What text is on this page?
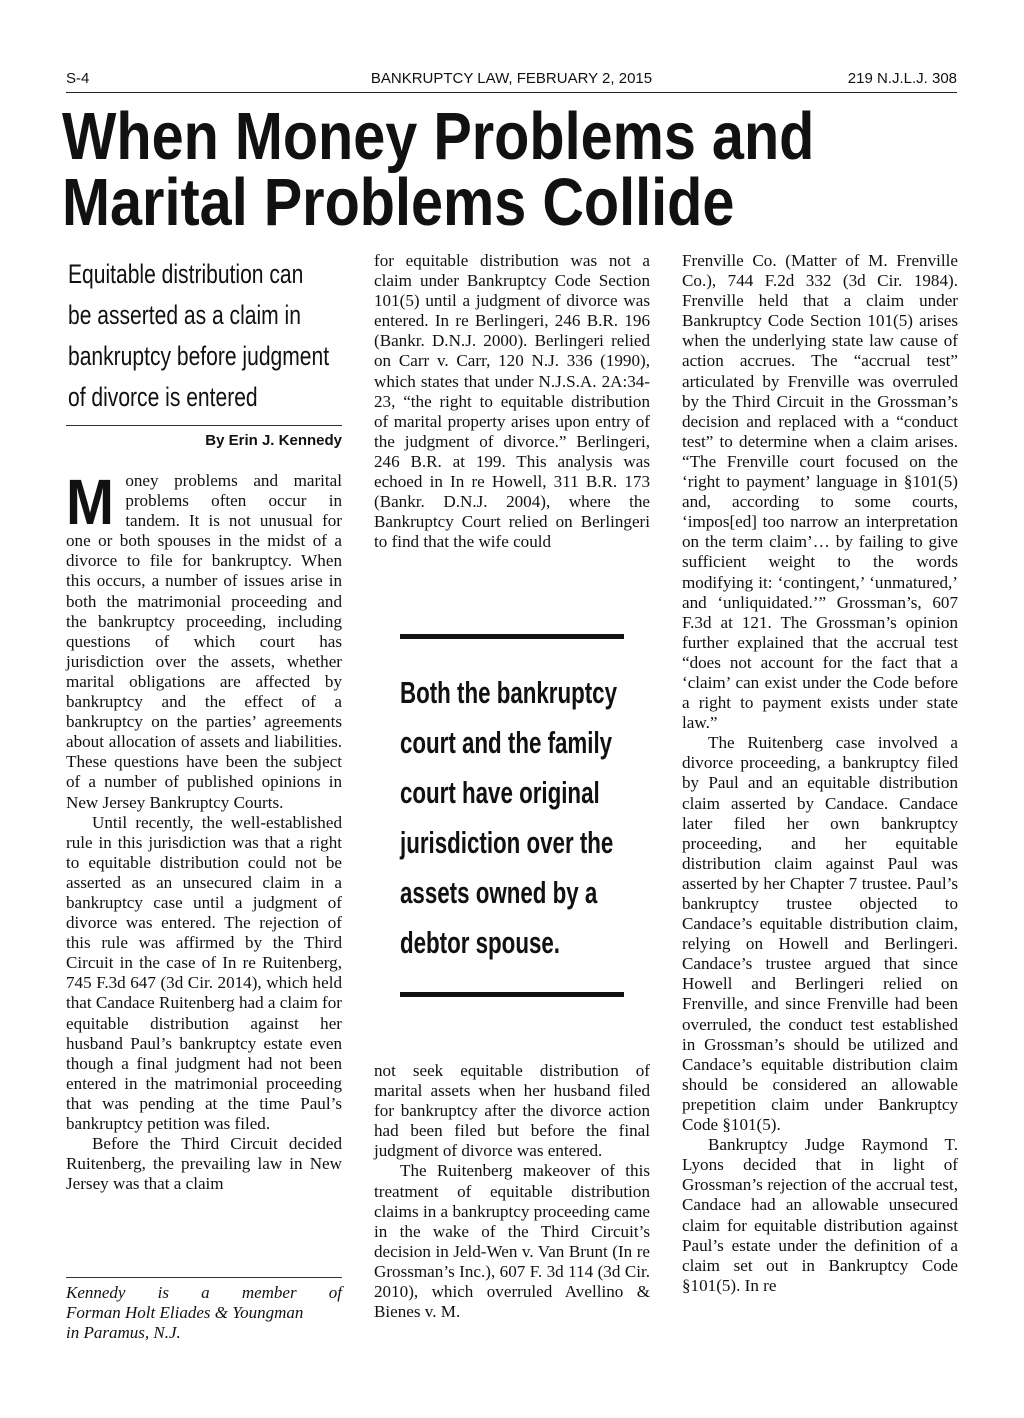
BANKRUPTCY LAW, FEBRUARY 2, 2015
S-4	219 N.J.L.J. 308
When Money Problems and
Marital Problems Collide
Equitable distribution can
be asserted as a claim in
bankruptcy before judgment
of divorce is entered
By Erin J. Kennedy
M oney problems and marital problems often occur in tandem. It is not unusual for one or both spouses in the midst of a divorce to file for bankruptcy. When this occurs, a number of issues arise in both the matrimonial proceeding and the bankruptcy proceeding, including questions of which court has jurisdiction over the assets, whether marital obligations are affected by bankruptcy and the effect of a bankruptcy on the parties’ agreements about allocation of assets and liabilities. These questions have been the subject of a number of published opinions in New Jersey Bankruptcy Courts.

Until recently, the well-established rule in this jurisdiction was that a right to equitable distribution could not be asserted as an unsecured claim in a bankruptcy case until a judgment of divorce was entered. The rejection of this rule was affirmed by the Third Circuit in the case of In re Ruitenberg, 745 F.3d 647 (3d Cir. 2014), which held that Candace Ruitenberg had a claim for equitable distribution against her husband Paul’s bankruptcy estate even though a final judgment had not been entered in the matrimonial proceeding that was pending at the time Paul’s bankruptcy petition was filed.

Before the Third Circuit decided Ruitenberg, the prevailing law in New Jersey was that a claim

Kennedy is a member of
Forman Holt Eliades & Youngman
in Paramus, N.J.

for equitable distribution was not a claim under Bankruptcy Code Section 101(5) until a judgment of divorce was entered. In re Berlingeri, 246 B.R. 196 (Bankr. D.N.J. 2000). Berlingeri relied on Carr v. Carr, 120 N.J. 336 (1990), which states that under N.J.S.A. 2A:34-23, “the right to equitable distribution of marital property arises upon entry of the judgment of divorce.” Berlingeri, 246 B.R. at 199. This analysis was echoed in In re Howell, 311 B.R. 173 (Bankr. D.N.J. 2004), where the Bankruptcy Court relied on Berlingeri to find that the wife could

Both the bankruptcy
court and the family
court have original
jurisdiction over the
assets owned by a
debtor spouse.

not seek equitable distribution of marital assets when her husband filed for bankruptcy after the divorce action had been filed but before the final judgment of divorce was entered.

The Ruitenberg makeover of this treatment of equitable distribution claims in a bankruptcy proceeding came in the wake of the Third Circuit’s decision in Jeld-Wen v. Van Brunt (In re Grossman’s Inc.), 607 F. 3d 114 (3d Cir. 2010), which overruled Avellino & Bienes v. M.

Frenville Co. (Matter of M. Frenville Co.), 744 F.2d 332 (3d Cir. 1984). Frenville held that a claim under Bankruptcy Code Section 101(5) arises when the underlying state law cause of action accrues. The “accrual test” articulated by Frenville was overruled by the Third Circuit in the Grossman’s decision and replaced with a “conduct test” to determine when a claim arises. “The Frenville court focused on the ‘right to payment’ language in §101(5) and, according to some courts, ‘impos[ed] too narrow an interpretation on the term claim’… by failing to give sufficient weight to the words modifying it: ‘contingent,’ ‘unmatured,’ and ‘unliquidated.’” Grossman’s, 607 F.3d at 121. The Grossman’s opinion further explained that the accrual test “does not account for the fact that a ‘claim’ can exist under the Code before a right to payment exists under state law.”

The Ruitenberg case involved a divorce proceeding, a bankruptcy filed by Paul and an equitable distribution claim asserted by Candace. Candace later filed her own bankruptcy proceeding, and her equitable distribution claim against Paul was asserted by her Chapter 7 trustee. Paul’s bankruptcy trustee objected to Candace’s equitable distribution claim, relying on Howell and Berlingeri. Candace’s trustee argued that since Howell and Berlingeri relied on Frenville, and since Frenville had been overruled, the conduct test established in Grossman’s should be utilized and Candace’s equitable distribution claim should be considered an allowable prepetition claim under Bankruptcy Code §101(5).

Bankruptcy Judge Raymond T. Lyons decided that in light of Grossman’s rejection of the accrual test, Candace had an allowable unsecured claim for equitable distribution against Paul’s estate under the definition of a claim set out in Bankruptcy Code §101(5). In re
